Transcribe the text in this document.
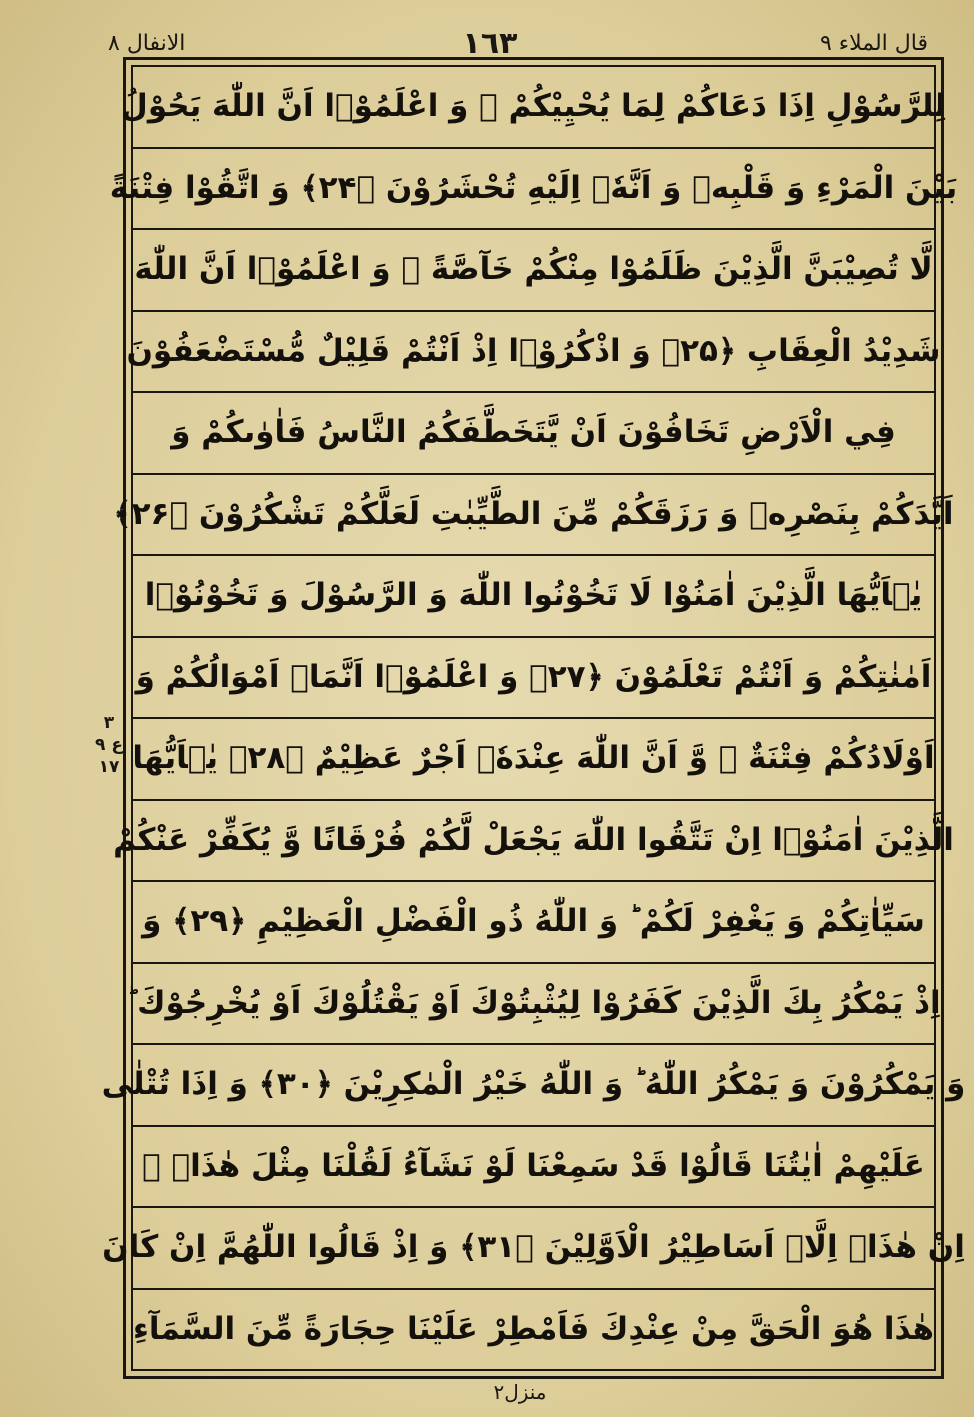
قال الملاء ٩
١٦٣
الانفال ٨
لِلرَّسُوْلِ اِذَا دَعَاكُمْ لِمَا يُحْيِيْكُمْ ۚ وَ اعْلَمُوْۤا اَنَّ اللّٰهَ يَحُوْلُ
بَيْنَ الْمَرْءِ وَ قَلْبِهٖ وَ اَنَّهٗۤ اِلَيْهِ تُحْشَرُوْنَ ﴿۲۴﴾ وَ اتَّقُوْا فِتْنَةً
لَّا تُصِيْبَنَّ الَّذِيْنَ ظَلَمُوْا مِنْكُمْ خَآصَّةً ۚ وَ اعْلَمُوْۤا اَنَّ اللّٰهَ
شَدِيْدُ الْعِقَابِ ﴿۲۵﴾ وَ اذْكُرُوْۤا اِذْ اَنْتُمْ قَلِيْلٌ مُّسْتَضْعَفُوْنَ
فِي الْاَرْضِ تَخَافُوْنَ اَنْ يَّتَخَطَّفَكُمُ النَّاسُ فَاٰوٰىكُمْ وَ
اَيَّدَكُمْ بِنَصْرِهٖ وَ رَزَقَكُمْ مِّنَ الطَّيِّبٰتِ لَعَلَّكُمْ تَشْكُرُوْنَ ﴿۲۶﴾
يٰۤاَيُّهَا الَّذِيْنَ اٰمَنُوْا لَا تَخُوْنُوا اللّٰهَ وَ الرَّسُوْلَ وَ تَخُوْنُوْۤا
اَمٰنٰتِكُمْ وَ اَنْتُمْ تَعْلَمُوْنَ ﴿۲۷﴾ وَ اعْلَمُوْۤا اَنَّمَاۤ اَمْوَالُكُمْ وَ
اَوْلَادُكُمْ فِتْنَةٌ ۙ وَّ اَنَّ اللّٰهَ عِنْدَهٗۤ اَجْرٌ عَظِيْمٌ ﴿۲۸﴾ يٰۤاَيُّهَا
الَّذِيْنَ اٰمَنُوْۤا اِنْ تَتَّقُوا اللّٰهَ يَجْعَلْ لَّكُمْ فُرْقَانًا وَّ يُكَفِّرْ عَنْكُمْ
سَيِّاٰتِكُمْ وَ يَغْفِرْ لَكُمْ ؕ وَ اللّٰهُ ذُو الْفَضْلِ الْعَظِيْمِ ﴿۲۹﴾ وَ
اِذْ يَمْكُرُ بِكَ الَّذِيْنَ كَفَرُوْا لِيُثْبِتُوْكَ اَوْ يَقْتُلُوْكَ اَوْ يُخْرِجُوْكَ ؕ
وَ يَمْكُرُوْنَ وَ يَمْكُرُ اللّٰهُ ؕ وَ اللّٰهُ خَيْرُ الْمٰكِرِيْنَ ﴿۳۰﴾ وَ اِذَا تُتْلٰى
عَلَيْهِمْ اٰيٰتُنَا قَالُوْا قَدْ سَمِعْنَا لَوْ نَشَآءُ لَقُلْنَا مِثْلَ هٰذَاۤ ۙ
اِنْ هٰذَاۤ اِلَّاۤ اَسَاطِيْرُ الْاَوَّلِيْنَ ﴿۳۱﴾ وَ اِذْ قَالُوا اللّٰهُمَّ اِنْ كَانَ
هٰذَا هُوَ الْحَقَّ مِنْ عِنْدِكَ فَاَمْطِرْ عَلَيْنَا حِجَارَةً مِّنَ السَّمَآءِ
٣
ع ٩
١٧
منزل٢
